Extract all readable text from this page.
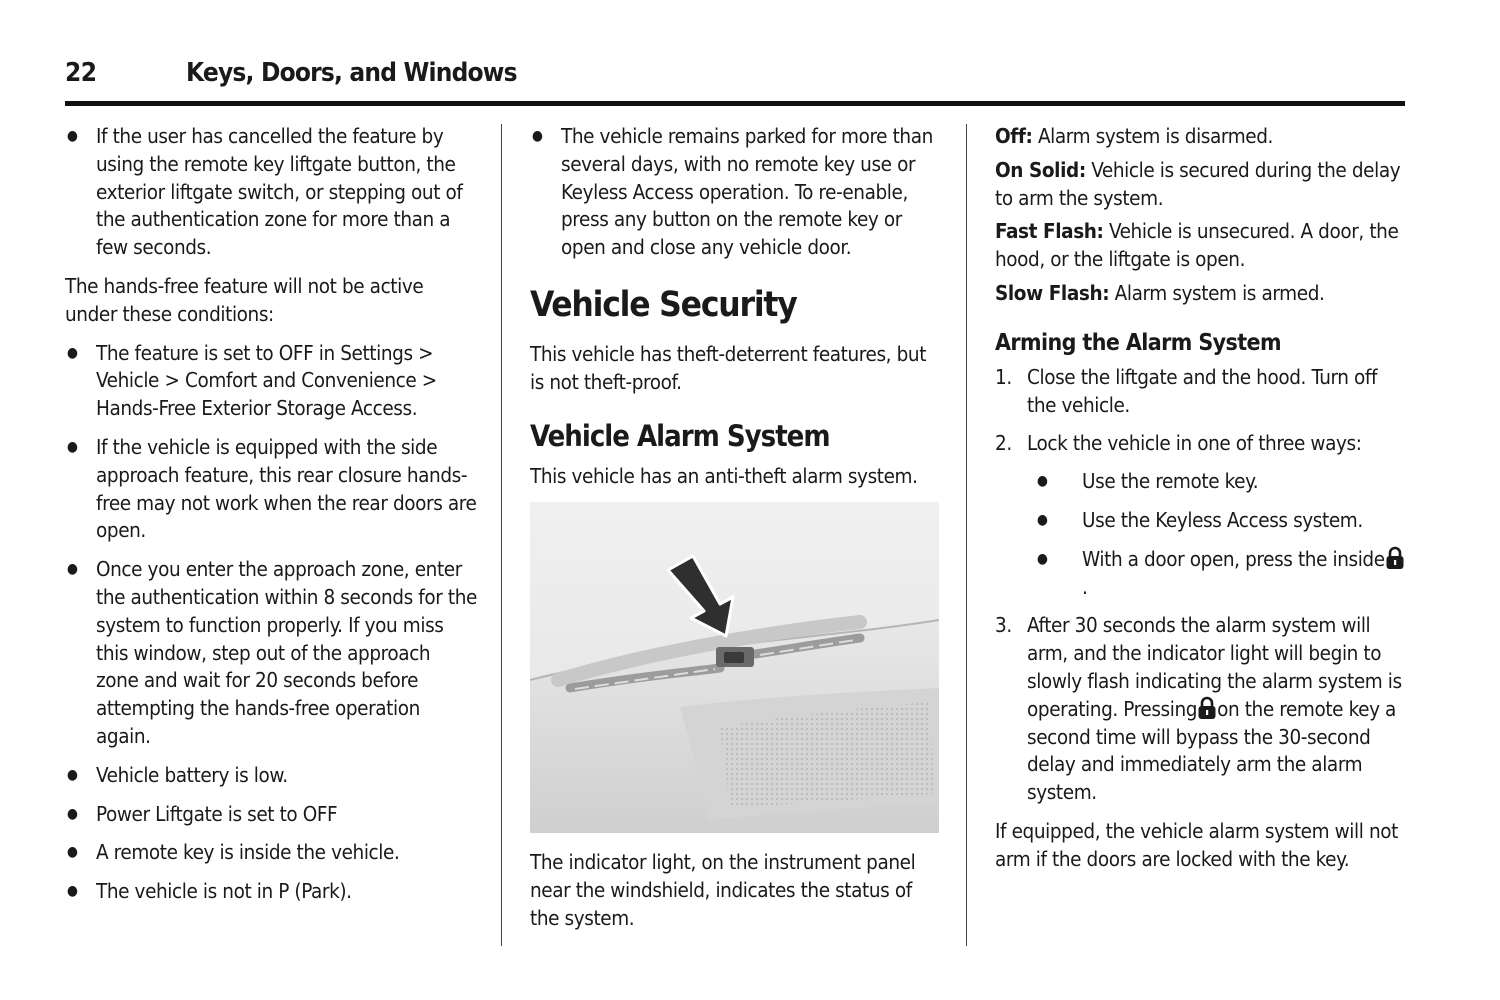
22	Keys, Doors, and Windows
● If the user has cancelled the feature by using the remote key liftgate button, the exterior liftgate switch, or stepping out of the authentication zone for more than a few seconds.

The hands-free feature will not be active under these conditions:

● The feature is set to OFF in Settings > Vehicle > Comfort and Convenience > Hands-Free Exterior Storage Access.
● If the vehicle is equipped with the side approach feature, this rear closure hands-free may not work when the rear doors are open.
● Once you enter the approach zone, enter the authentication within 8 seconds for the system to function properly. If you miss this window, step out of the approach zone and wait for 20 seconds before attempting the hands-free operation again.
● Vehicle battery is low.
● Power Liftgate is set to OFF
● A remote key is inside the vehicle.
● The vehicle is not in P (Park).
● The vehicle remains parked for more than several days, with no remote key use or Keyless Access operation. To re-enable, press any button on the remote key or open and close any vehicle door.
Vehicle Security

This vehicle has theft-deterrent features, but is not theft-proof.

Vehicle Alarm System

This vehicle has an anti-theft alarm system.

The indicator light, on the instrument panel near the windshield, indicates the status of the system.

Off: Alarm system is disarmed.

On Solid: Vehicle is secured during the delay to arm the system.

Fast Flash: Vehicle is unsecured. A door, the hood, or the liftgate is open.

Slow Flash: Alarm system is armed.

Arming the Alarm System
1. Close the liftgate and the hood. Turn off the vehicle.
2. Lock the vehicle in one of three ways:
● Use the remote key.
● Use the Keyless Access system.
● With a door open, press the inside.
3. After 30 seconds the alarm system will arm, and the indicator light will begin to slowly flash indicating the alarm system is operating. Pressing on the remote key a second time will bypass the 30-second delay and immediately arm the alarm system.

If equipped, the vehicle alarm system will not arm if the doors are locked with the key.
